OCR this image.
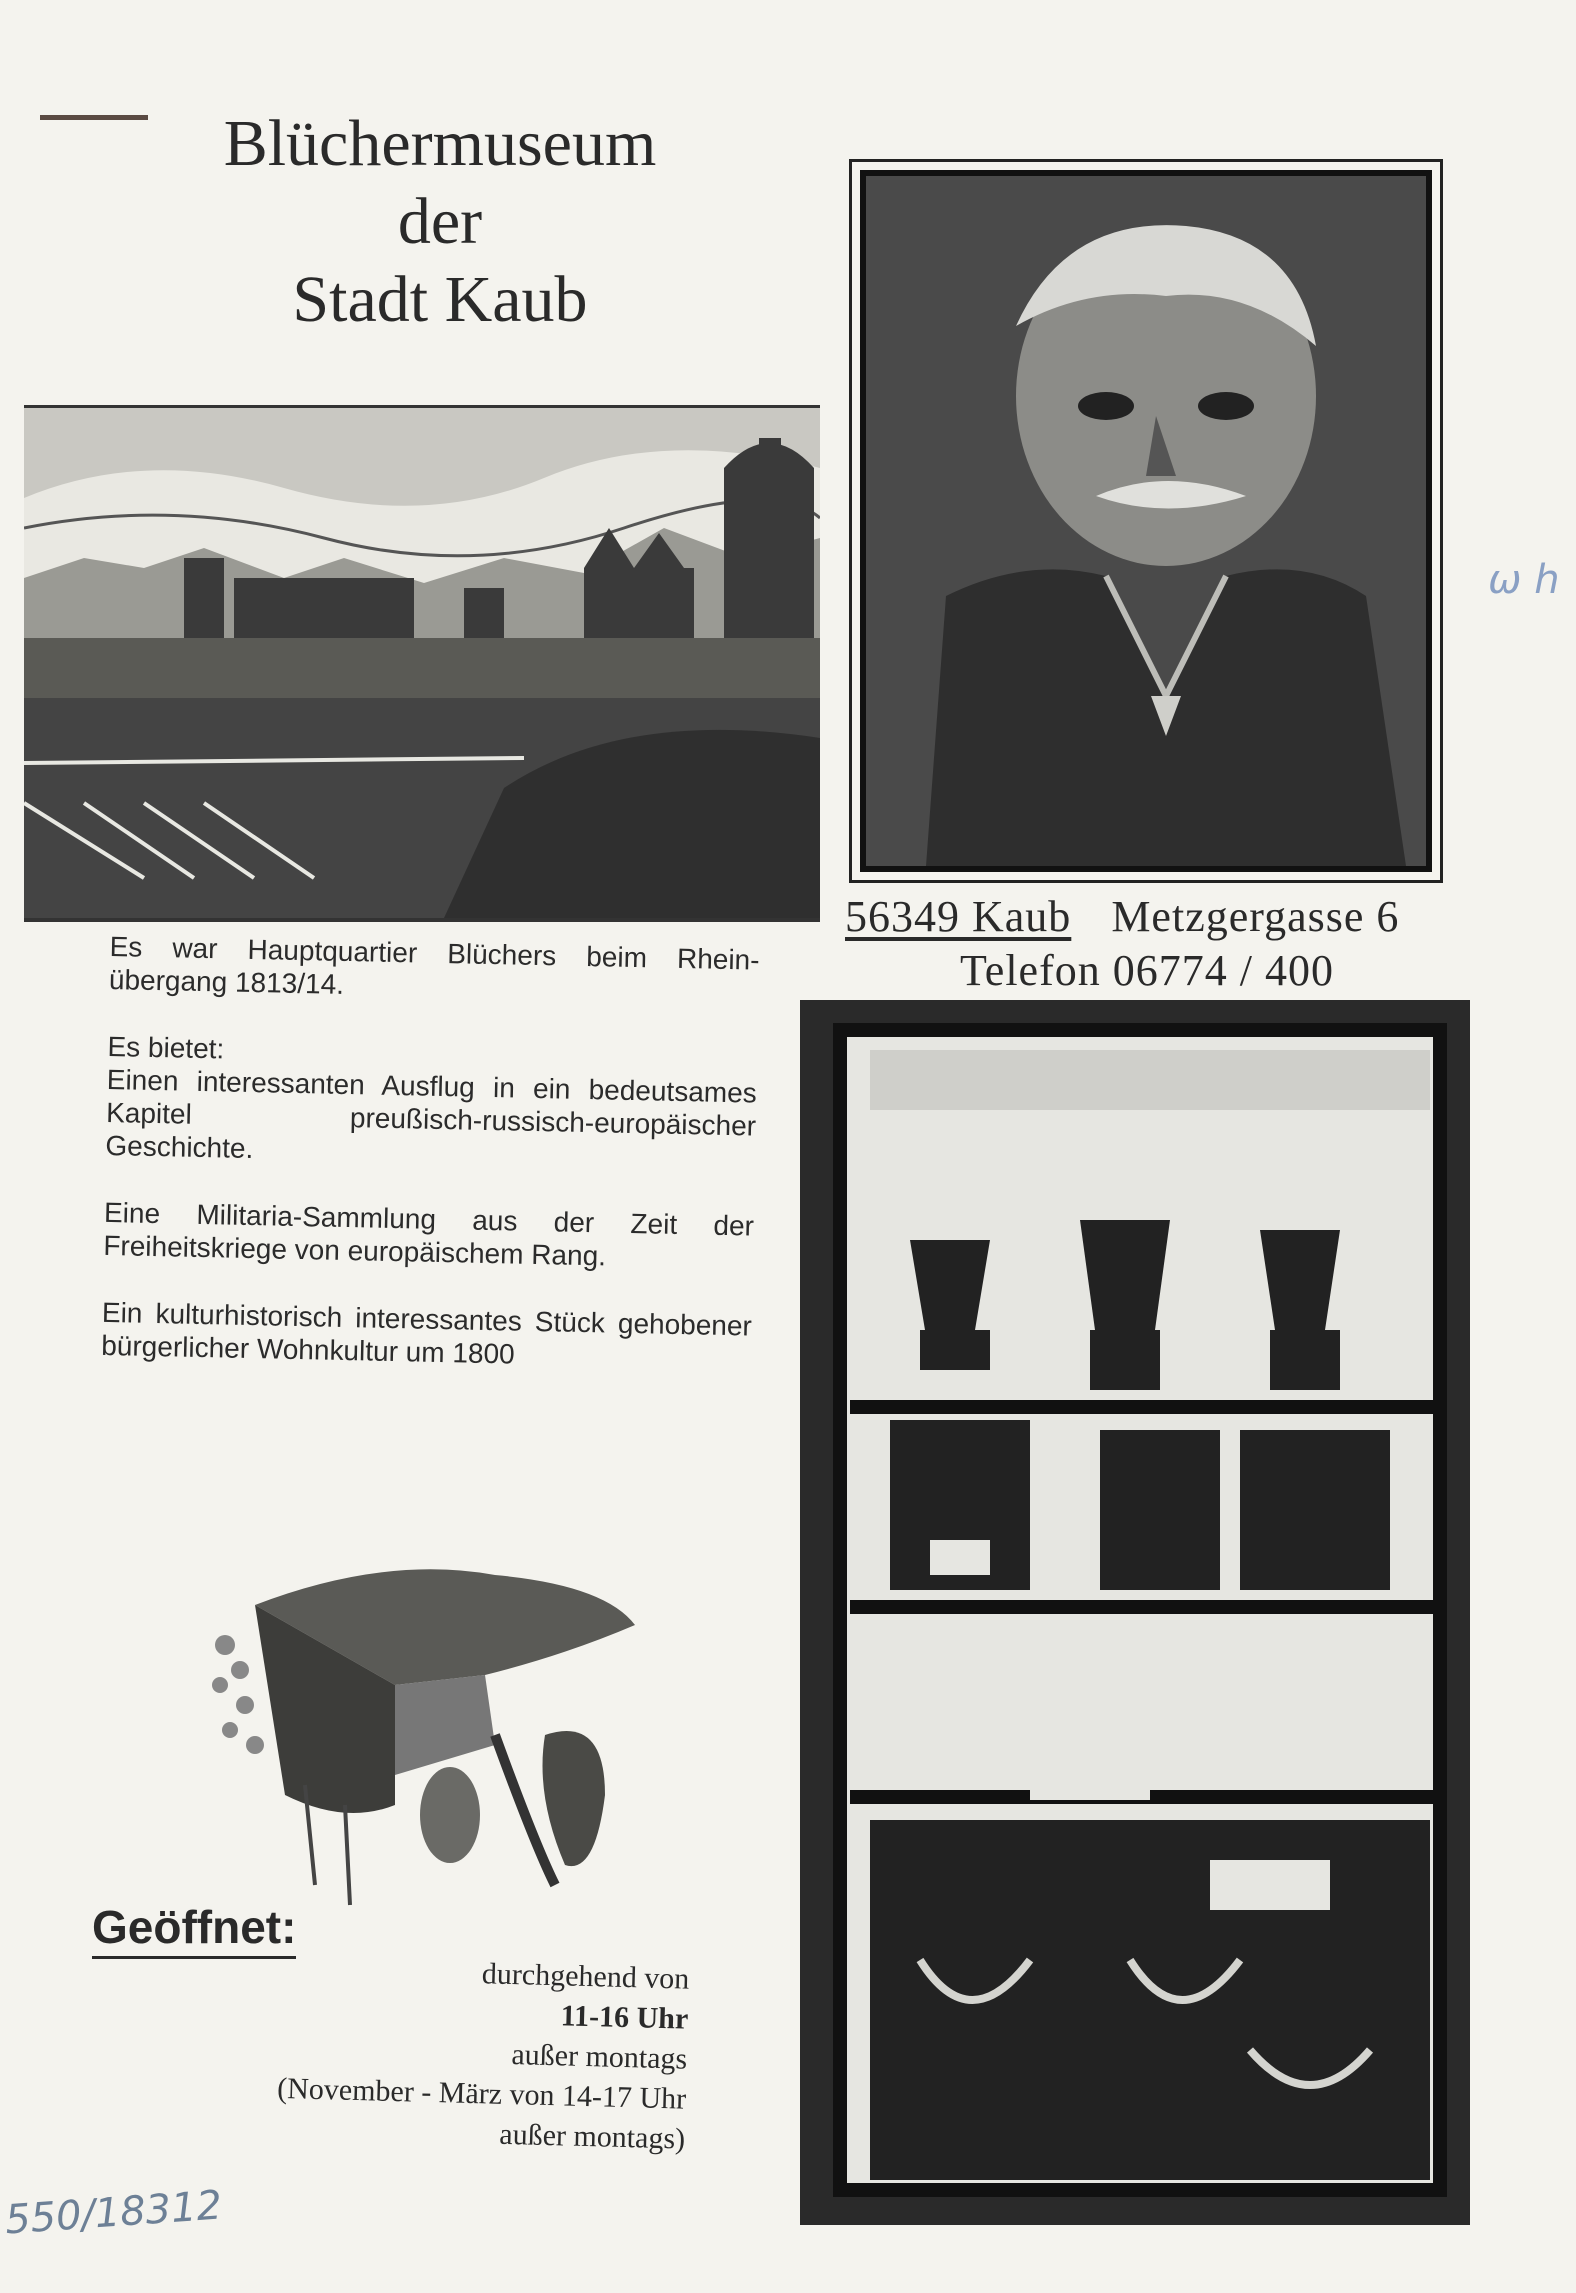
Blüchermuseum
der
Stadt Kaub
56349 Kaub Metzgergasse 6
Telefon 06774 / 400

Es war Hauptquartier Blüchers beim Rhein-übergang 1813/14.

Es bietet:

Einen interessanten Ausflug in ein bedeutsames Kapitel preußisch-russisch-europäischer Geschichte.

Eine Militaria-Sammlung aus der Zeit der Freiheitskriege von europäischem Rang.

Ein kulturhistorisch interessantes Stück gehobener bürgerlicher Wohnkultur um 1800

Geöffnet:
durchgehend von
11-16 Uhr
außer montags
(November - März von 14-17 Uhr
außer montags)
550/18312
ω h
